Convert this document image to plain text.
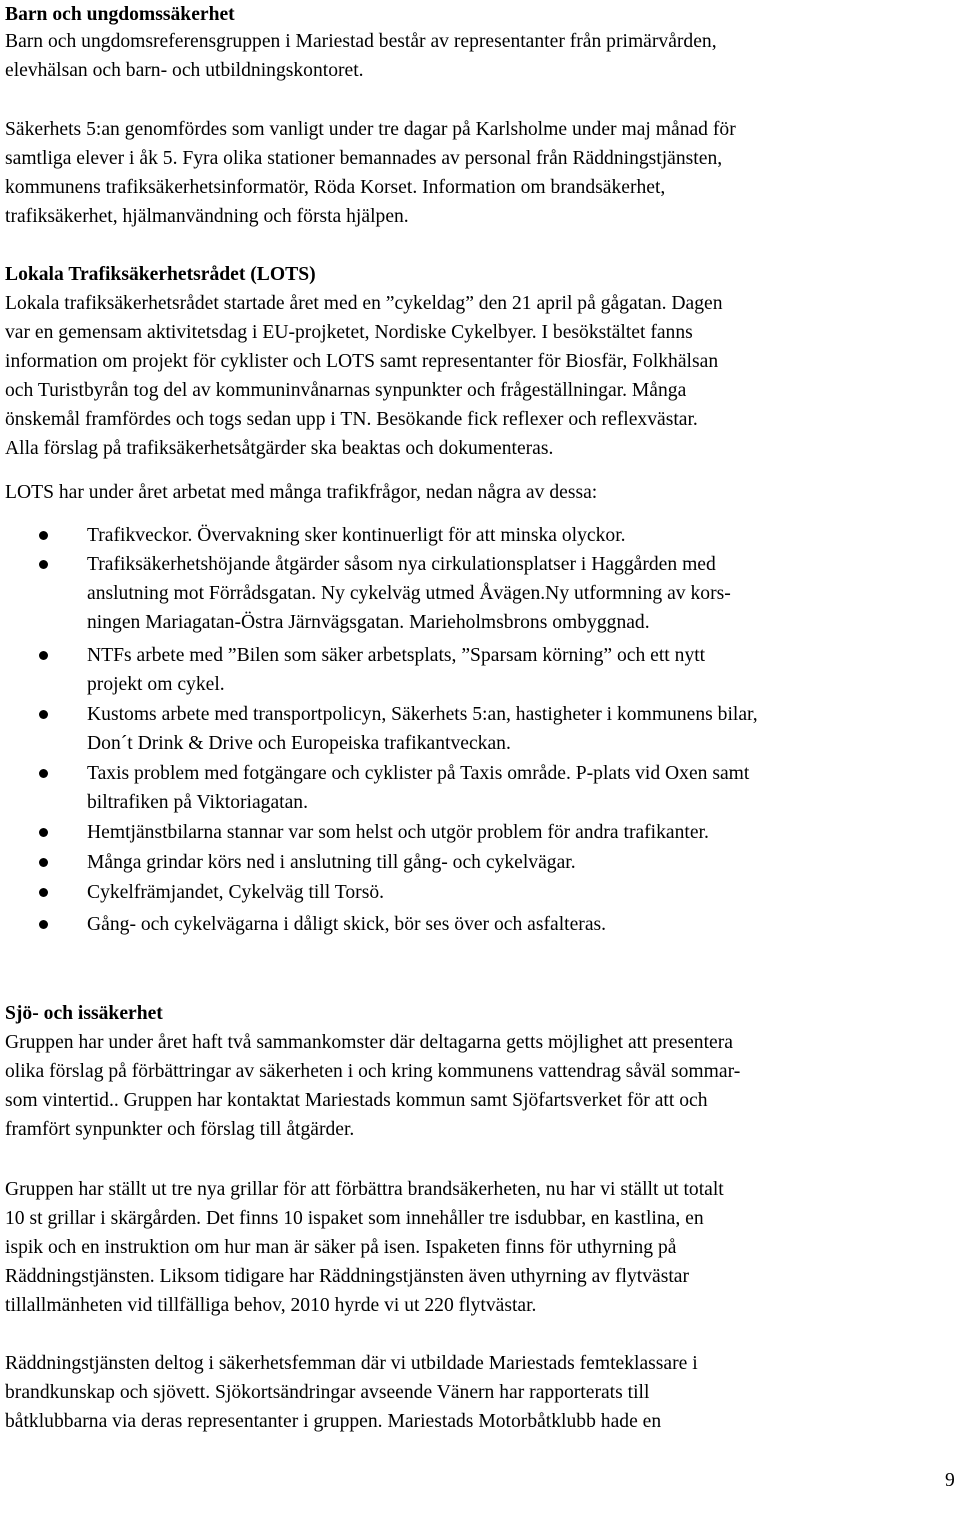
Barn och ungdomssäkerhet
Barn och ungdomsreferensgruppen i Mariestad består av representanter från primärvården,
elevhälsan och barn- och utbildningskontoret.
Säkerhets 5:an genomfördes som vanligt under tre dagar på Karlsholme under maj månad för
samtliga elever i åk 5. Fyra olika stationer bemannades av personal från Räddningstjänsten,
kommunens trafiksäkerhetsinformatör, Röda Korset. Information om brandsäkerhet,
trafiksäkerhet, hjälmanvändning och första hjälpen.
Lokala Trafiksäkerhetsrådet (LOTS)
Lokala trafiksäkerhetsrådet startade året med en ”cykeldag” den 21 april på gågatan. Dagen
var en gemensam aktivitetsdag i EU-projketet, Nordiske Cykelbyer. I besökstältet fanns
information om projekt för cyklister och LOTS samt representanter för Biosfär, Folkhälsan
och Turistbyrån tog del av kommuninvånarnas synpunkter och frågeställningar. Många
önskemål framfördes och togs sedan upp i TN. Besökande fick reflexer och reflexvästar.
Alla förslag på trafiksäkerhetsåtgärder ska beaktas och dokumenteras.
LOTS har under året arbetat med många trafikfrågor, nedan några av dessa:
Trafikveckor. Övervakning sker kontinuerligt för att minska olyckor.
Trafiksäkerhetshöjande åtgärder såsom nya cirkulationsplatser i Haggården med
anslutning mot Förrådsgatan. Ny cykelväg utmed Åvägen.Ny utformning av kors-
ningen Mariagatan-Östra Järnvägsgatan. Marieholmsbrons ombyggnad.
NTFs arbete med ”Bilen som säker arbetsplats, ”Sparsam körning” och ett nytt
projekt om cykel.
Kustoms arbete med transportpolicyn, Säkerhets 5:an, hastigheter i kommunens bilar,
Don´t Drink & Drive och Europeiska trafikantveckan.
Taxis problem med fotgängare och cyklister på Taxis område. P-plats vid Oxen samt
biltrafiken på Viktoriagatan.
Hemtjänstbilarna stannar var som helst och utgör problem för andra trafikanter.
Många grindar körs ned i anslutning till gång- och cykelvägar.
Cykelfrämjandet, Cykelväg till Torsö.
Gång- och cykelvägarna i dåligt skick, bör ses över och asfalteras.
Sjö- och issäkerhet
Gruppen har under året haft två sammankomster där deltagarna getts möjlighet att presentera
olika förslag på förbättringar av säkerheten i och kring kommunens vattendrag såväl sommar-
som vintertid.. Gruppen har kontaktat Mariestads kommun samt Sjöfartsverket för att och
framfört synpunkter och förslag till åtgärder.
Gruppen har ställt ut tre nya grillar för att förbättra brandsäkerheten, nu har vi ställt ut totalt
10 st grillar i skärgården. Det finns 10 ispaket som innehåller tre isdubbar, en kastlina, en
ispik och en instruktion om hur man är säker på isen. Ispaketen finns för uthyrning på
Räddningstjänsten. Liksom tidigare har Räddningstjänsten även uthyrning av flytvästar
tillallmänheten vid tillfälliga behov, 2010 hyrde vi ut 220 flytvästar.
Räddningstjänsten deltog i säkerhetsfemman där vi utbildade Mariestads femteklassare i
brandkunskap och sjövett. Sjökortsändringar avseende Vänern har rapporterats till
båtklubbarna via deras representanter i gruppen. Mariestads Motorbåtklubb hade en
9
